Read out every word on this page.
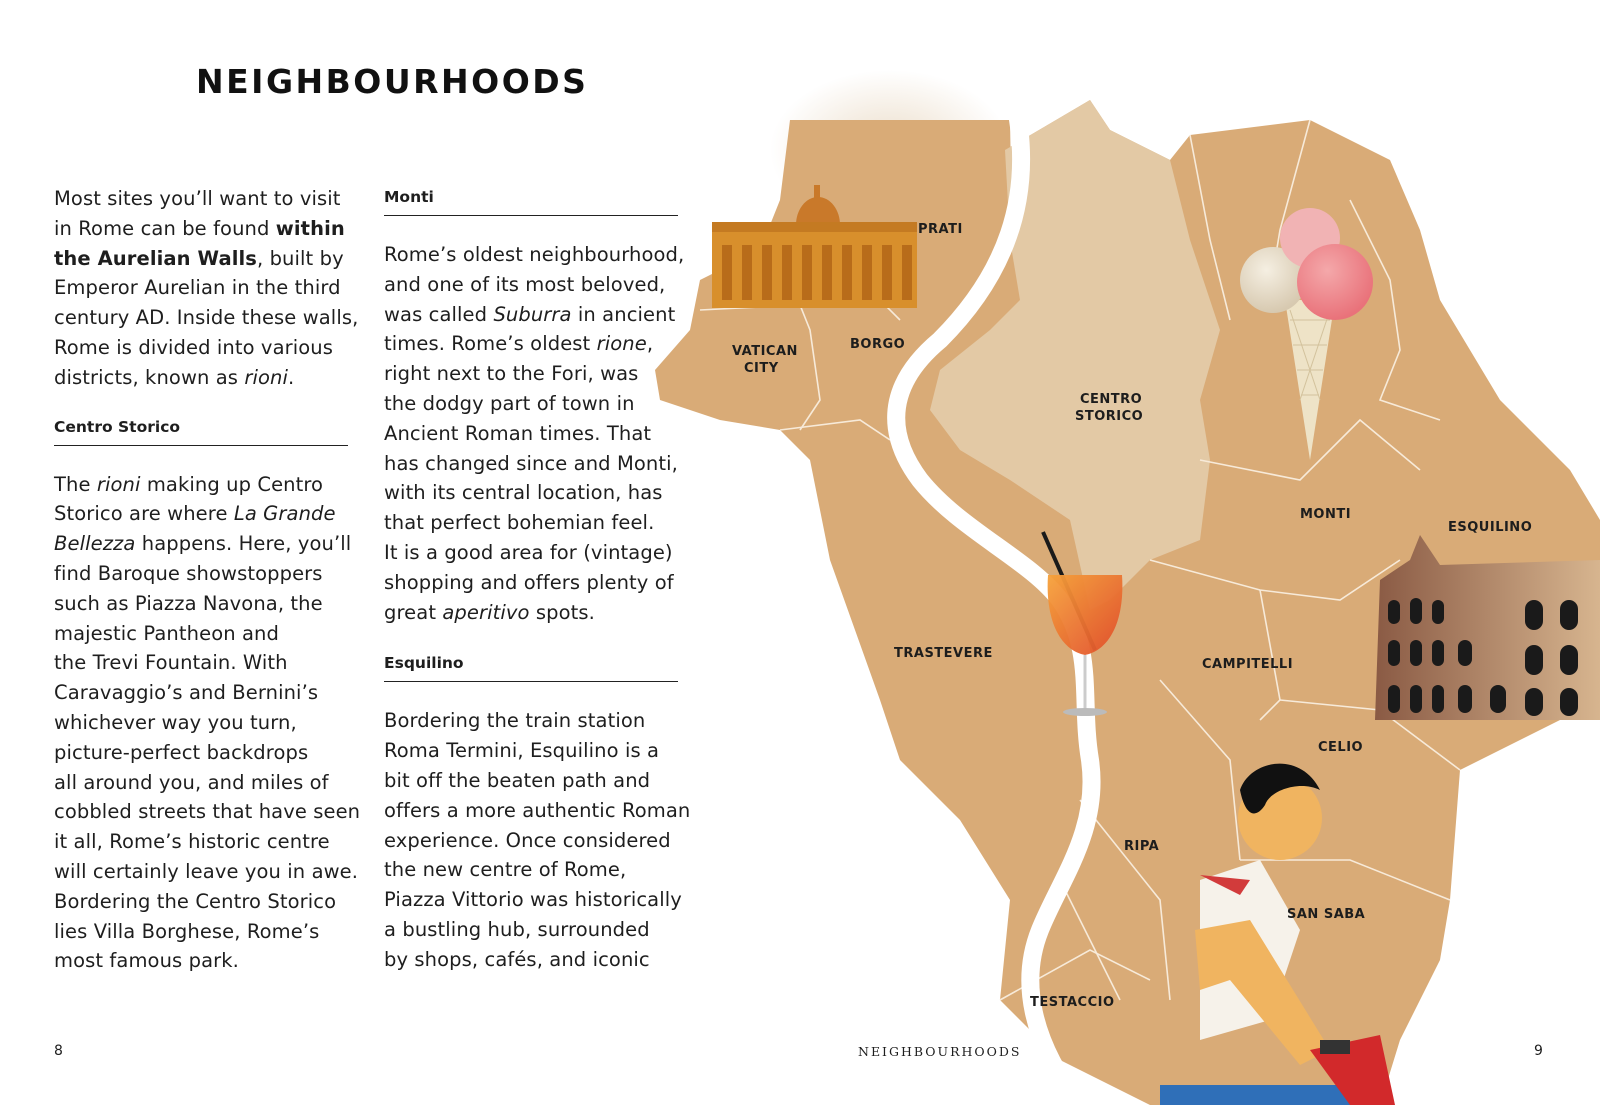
NEIGHBOURHOODS

Most sites you’ll want to visit
in Rome can be found within
the Aurelian Walls, built by
Emperor Aurelian in the third
century AD. Inside these walls,
Rome is divided into various
districts, known as rioni.

Centro Storico

The rioni making up Centro
Storico are where La Grande
Bellezza happens. Here, you’ll
find Baroque showstoppers
such as Piazza Navona, the
majestic Pantheon and
the Trevi Fountain. With
Caravaggio’s and Bernini’s
whichever way you turn,
picture-perfect backdrops
all around you, and miles of
cobbled streets that have seen
it all, Rome’s historic centre
will certainly leave you in awe.
Bordering the Centro Storico
lies Villa Borghese, Rome’s
most famous park.

Monti

Rome’s oldest neighbourhood,
and one of its most beloved,
was called Suburra in ancient
times. Rome’s oldest rione,
right next to the Fori, was
the dodgy part of town in
Ancient Roman times. That
has changed since and Monti,
with its central location, has
that perfect bohemian feel.
It is a good area for (vintage)
shopping and offers plenty of
great aperitivo spots.

Esquilino

Bordering the train station
Roma Termini, Esquilino is a
bit off the beaten path and
offers a more authentic Roman
experience. Once considered
the new centre of Rome,
Piazza Vittorio was historically
a bustling hub, surrounded
by shops, cafés, and iconic

PRATI
VATICAN
CITY
BORGO
CENTRO
STORICO
MONTI
ESQUILINO
TRASTEVERE
CAMPITELLI
CELIO
RIPA
SAN SABA
TESTACCIO
8	NEIGHBOURHOODS	9
